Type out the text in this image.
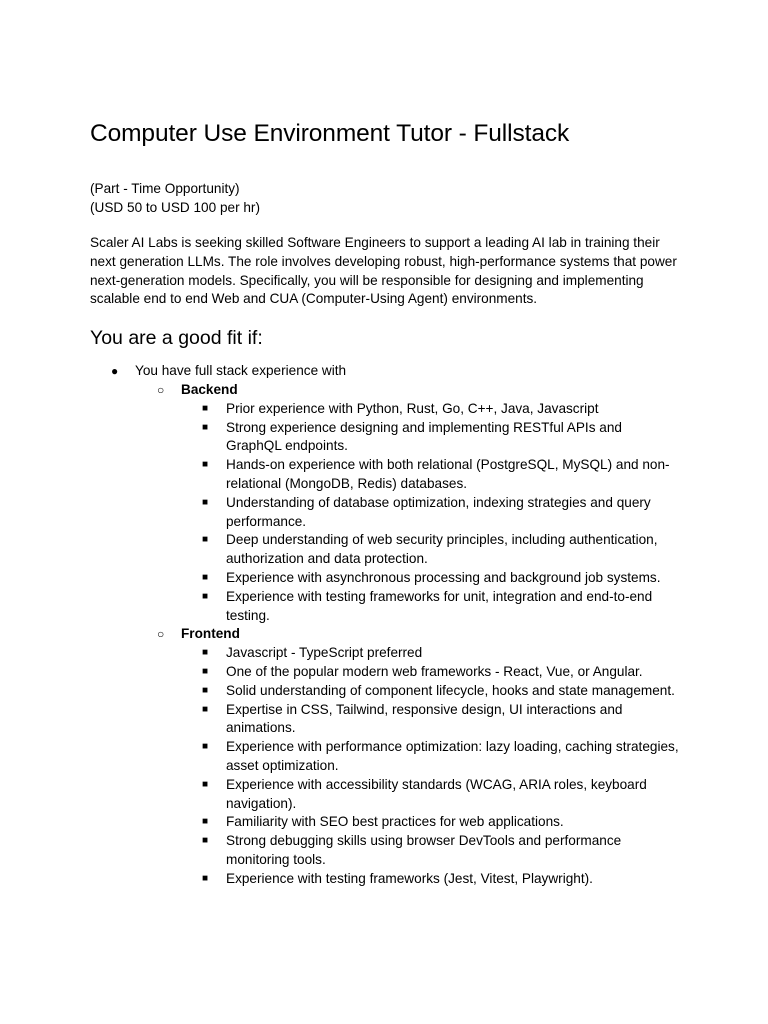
Computer Use Environment Tutor - Fullstack
(Part - Time Opportunity)
(USD 50 to USD 100 per hr)

Scaler AI Labs is seeking skilled Software Engineers to support a leading AI lab in training their next generation LLMs. The role involves developing robust, high-performance systems that power next-generation models. Specifically, you will be responsible for designing and implementing scalable end to end Web and CUA (Computer-Using Agent) environments.

You are a good fit if:
● You have full stack experience with
○ Backend
■ Prior experience with Python, Rust, Go, C++, Java, Javascript
■ Strong experience designing and implementing RESTful APIs and GraphQL endpoints.
■ Hands-on experience with both relational (PostgreSQL, MySQL) and non-relational (MongoDB, Redis) databases.
■ Understanding of database optimization, indexing strategies and query performance.
■ Deep understanding of web security principles, including authentication, authorization and data protection.
■ Experience with asynchronous processing and background job systems.
■ Experience with testing frameworks for unit, integration and end-to-end testing.
○ Frontend
■ Javascript - TypeScript preferred
■ One of the popular modern web frameworks - React, Vue, or Angular.
■ Solid understanding of component lifecycle, hooks and state management.
■ Expertise in CSS, Tailwind, responsive design, UI interactions and animations.
■ Experience with performance optimization: lazy loading, caching strategies, asset optimization.
■ Experience with accessibility standards (WCAG, ARIA roles, keyboard navigation).
■ Familiarity with SEO best practices for web applications.
■ Strong debugging skills using browser DevTools and performance monitoring tools.
■ Experience with testing frameworks (Jest, Vitest, Playwright).
